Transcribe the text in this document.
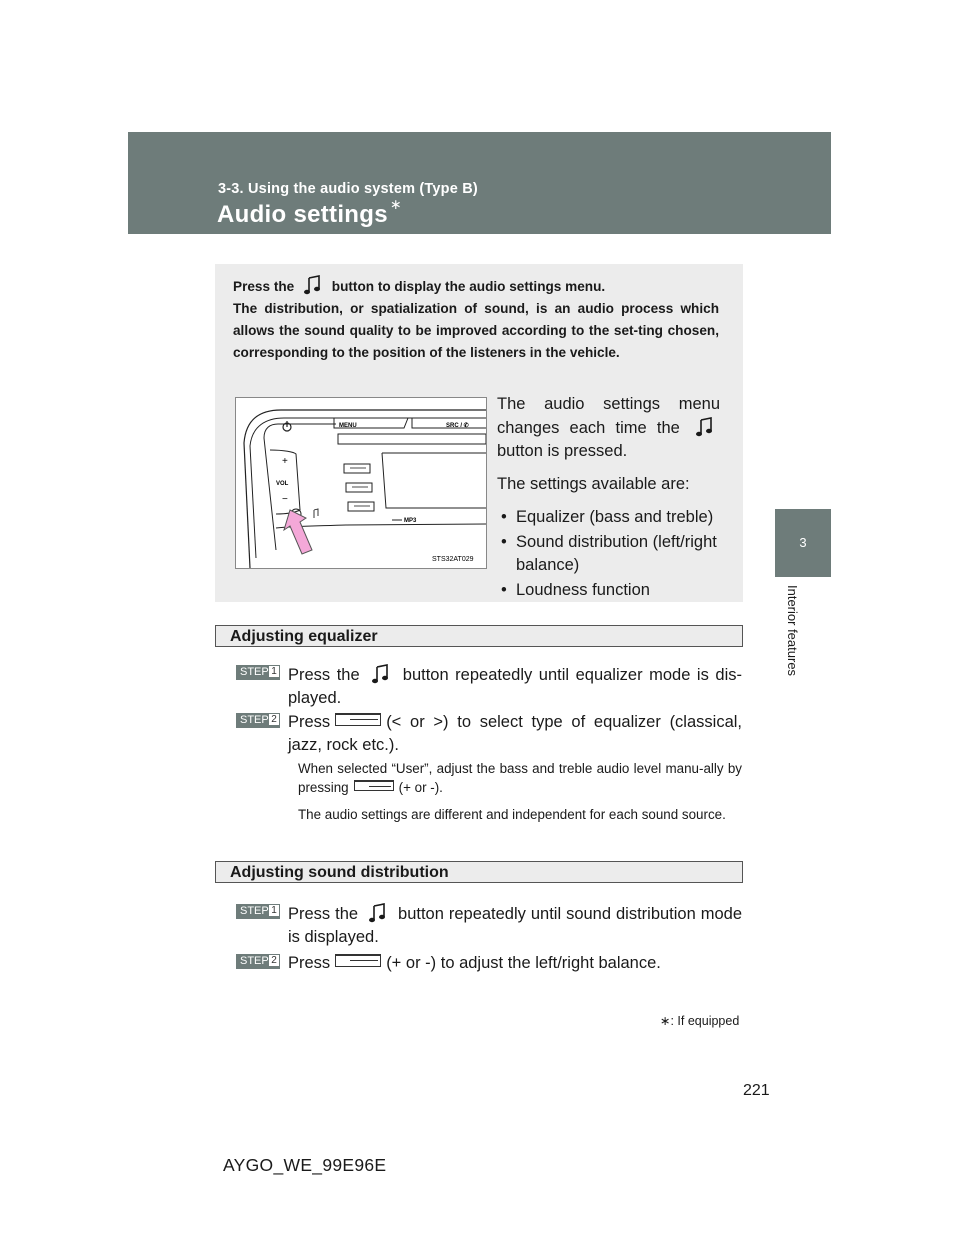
3-3. Using the audio system (Type B)
Audio settings ∗
3
Interior features

Press the	button to display the audio settings menu.

The distribution, or spatialization of sound, is an audio process which allows the sound quality to be improved according to the set-ting chosen, corresponding to the position of the listeners in the vehicle.

+
VOL
−
MENU	SRC / ✆
MP3
STS32AT029

The audio settings menu changes each time the  button is pressed.

The settings available are:

• Equalizer (bass and treble)
• Sound distribution (left/right balance)
• Loudness function
Adjusting equalizer
STEP 1 Press the	button repeatedly until equalizer mode is dis-played.
STEP 2 Press	(< or >) to select type of equalizer (classical, jazz, rock etc.).
When selected “User”, adjust the bass and treble audio level manu-ally by pressing	(+ or -).
The audio settings are different and independent for each sound source.
Adjusting sound distribution
STEP 1 Press the button repeatedly until sound distribution mode is displayed.
STEP 2 Press	(+ or -) to adjust the left/right balance.
∗: If equipped
221
AYGO_WE_99E96E
